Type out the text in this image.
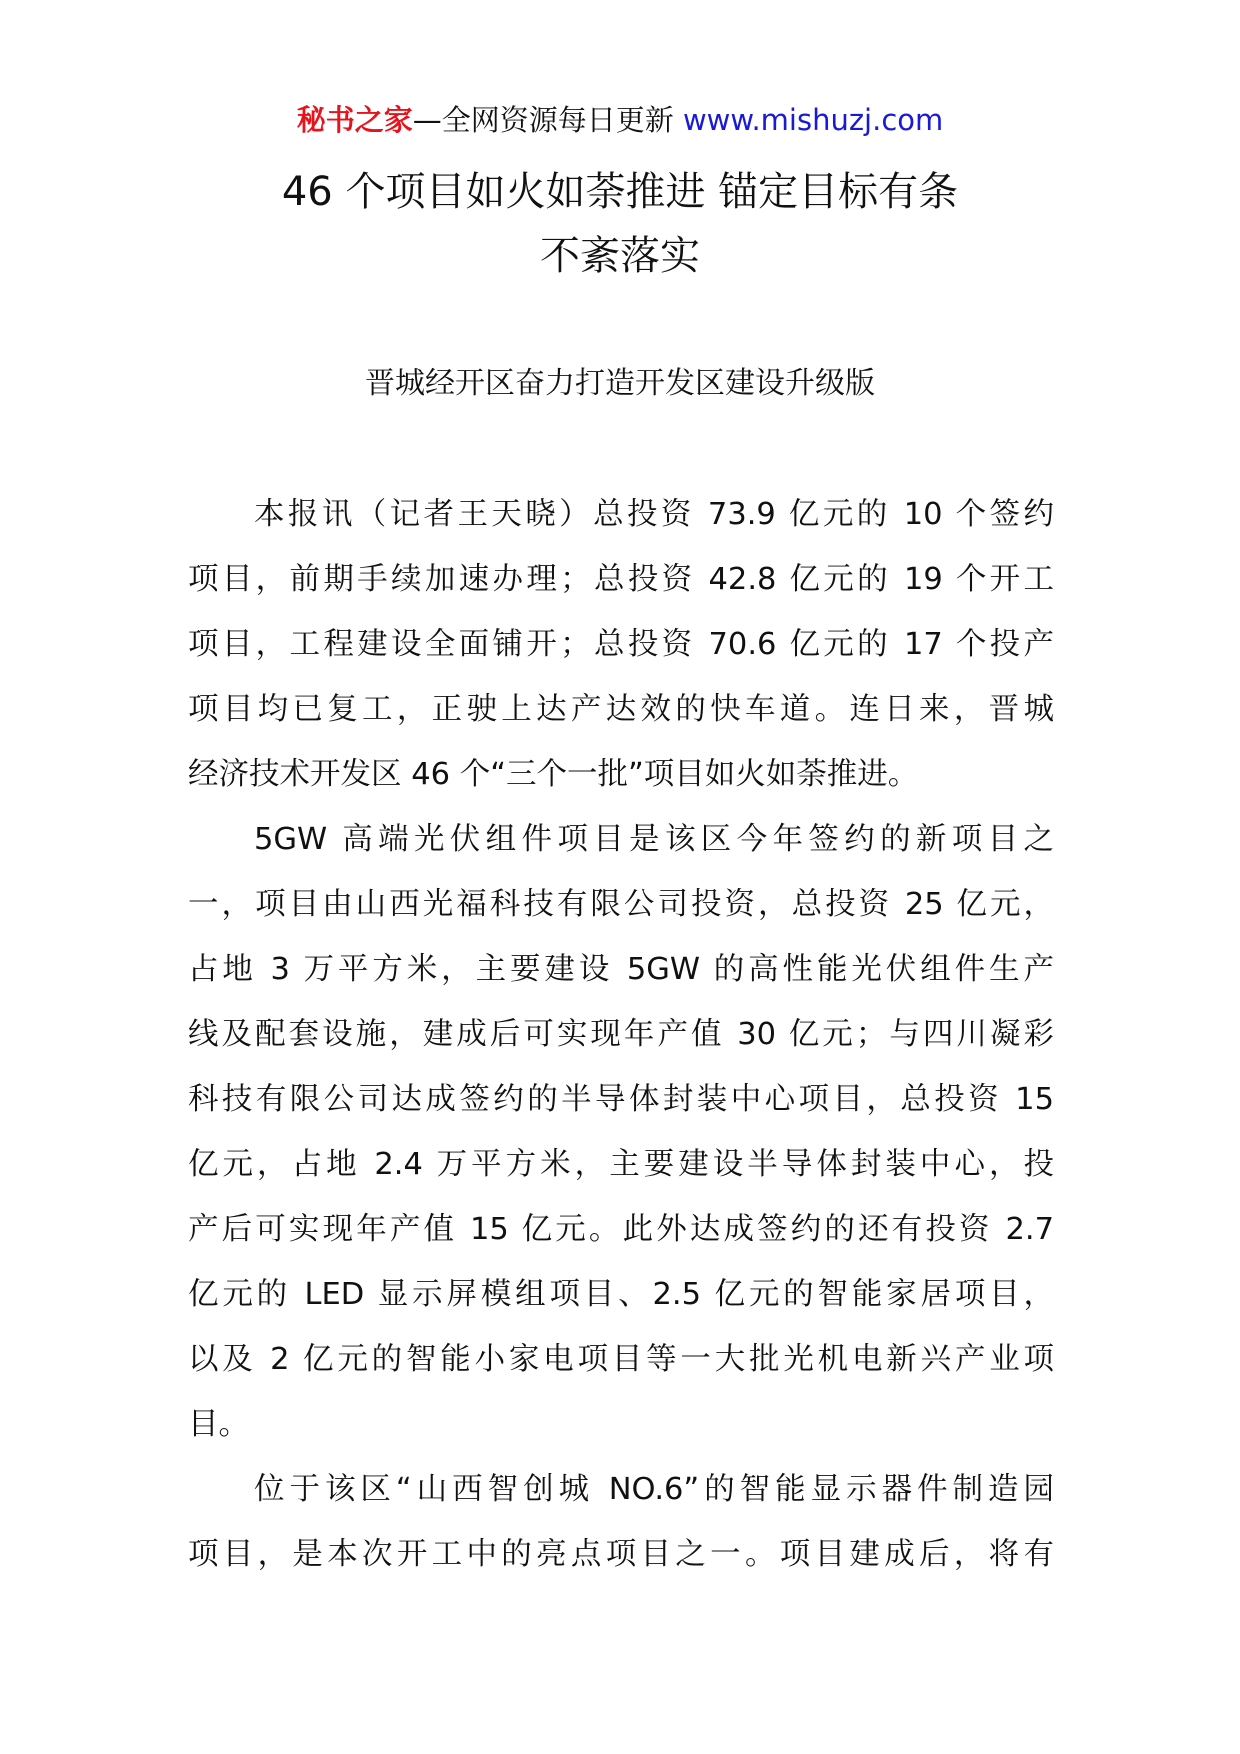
秘书之家—全网资源每日更新 www.mishuzj.com
46 个项目如火如荼推进 锚定目标有条
不紊落实
晋城经开区奋力打造开发区建设升级版
本报讯（记者王天晓）总投资 73.9 亿元的 10 个签约
项目，前期手续加速办理；总投资 42.8 亿元的 19 个开工
项目，工程建设全面铺开；总投资 70.6 亿元的 17 个投产
项目均已复工，正驶上达产达效的快车道。连日来，晋城
经济技术开发区 46 个“三个一批”项目如火如荼推进。
5GW 高端光伏组件项目是该区今年签约的新项目之
一，项目由山西光福科技有限公司投资，总投资 25 亿元，
占地 3 万平方米，主要建设 5GW 的高性能光伏组件生产
线及配套设施，建成后可实现年产值 30 亿元；与四川凝彩
科技有限公司达成签约的半导体封装中心项目，总投资 15
亿元，占地 2.4 万平方米，主要建设半导体封装中心，投
产后可实现年产值 15 亿元。此外达成签约的还有投资 2.7
亿元的 LED 显示屏模组项目、2.5 亿元的智能家居项目，
以及 2 亿元的智能小家电项目等一大批光机电新兴产业项
目。
位于该区“山西智创城 NO.6”的智能显示器件制造园
项目，是本次开工中的亮点项目之一。项目建成后，将有
